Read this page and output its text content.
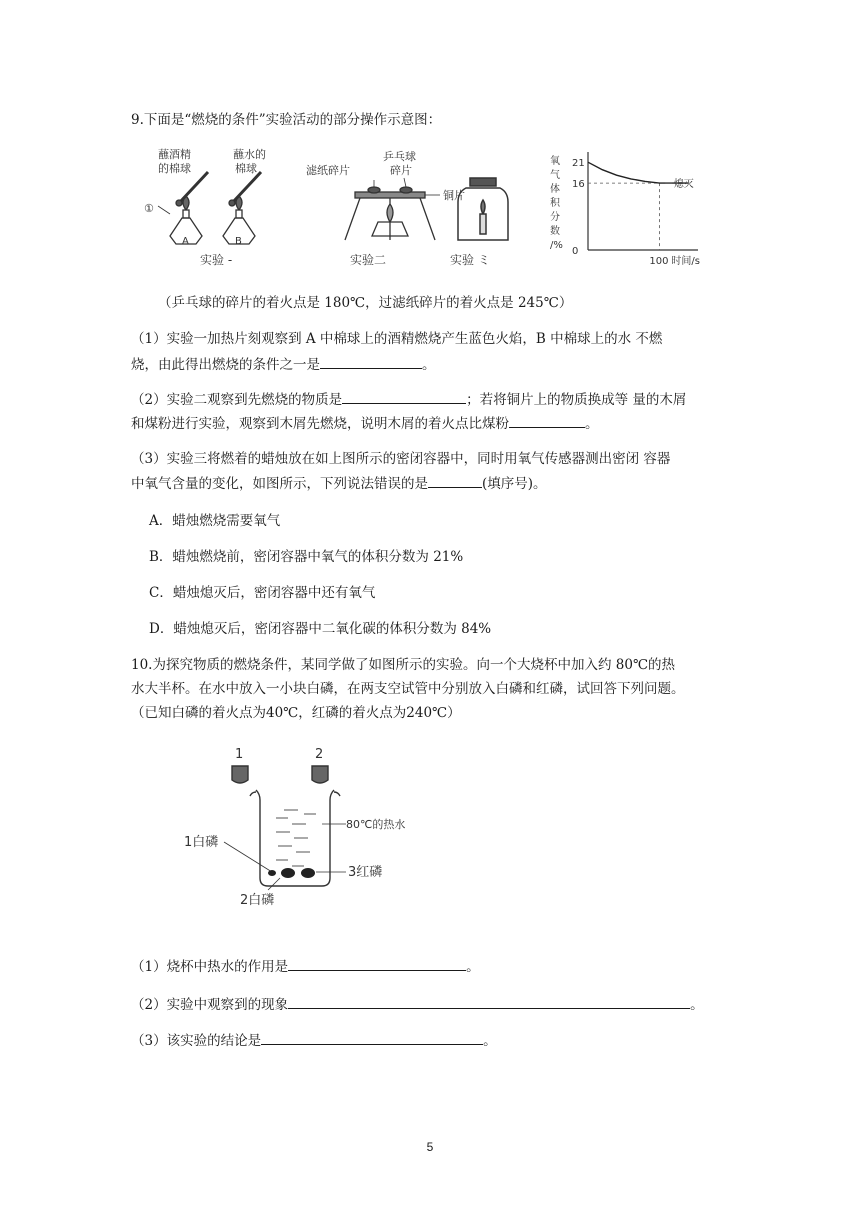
9.下面是“燃烧的条件”实验活动的部分操作示意图：
蘸酒精
的棉球
蘸水的
棉球
①
A	B
实验 -
滤纸碎片
乒乓球
碎片
铜片
实验二	实验 ミ
氧
气
体
积
分
数
/%
21
16
0
100 时间/s
熄灭
（乒乓球的碎片的着火点是 180℃，过滤纸碎片的着火点是 245℃）
（1）实验一加热片刻观察到 A 中棉球上的酒精燃烧产生蓝色火焰，B 中棉球上的水 不燃
烧，由此得出燃烧的条件之一是	。
（2）实验二观察到先燃烧的物质是	；若将铜片上的物质换成等 量的木屑
和煤粉进行实验，观察到木屑先燃烧，说明木屑的着火点比煤粉	。
（3）实验三将燃着的蜡烛放在如上图所示的密闭容器中，同时用氧气传感器测出密闭 容器
中氧气含量的变化，如图所示，下列说法错误的是	(填序号)。
A．蜡烛燃烧需要氧气
B．蜡烛燃烧前，密闭容器中氧气的体积分数为 21%
C．蜡烛熄灭后，密闭容器中还有氧气
D．蜡烛熄灭后，密闭容器中二氧化碳的体积分数为 84%
10.为探究物质的燃烧条件，某同学做了如图所示的实验。向一个大烧杯中加入约 80℃的热
水大半杯。在水中放入一小块白磷，在两支空试管中分别放入白磷和红磷，试回答下列问题。
（已知白磷的着火点为40℃，红磷的着火点为240℃）
1	2
1白磷
80℃的热水
3红磷
2白磷
（1）烧杯中热水的作用是	。
（2）实验中观察到的现象	。
（3）该实验的结论是	。
5
